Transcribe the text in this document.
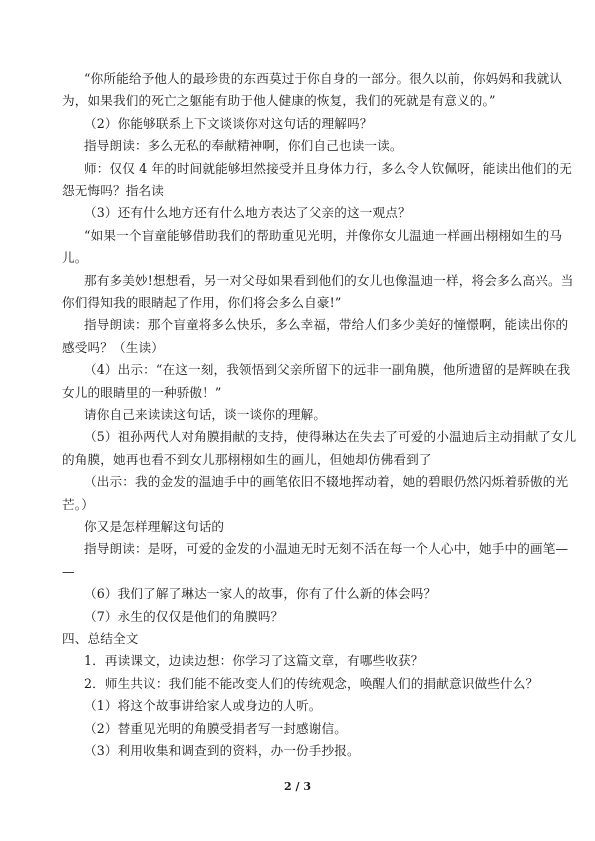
“你所能给予他人的最珍贵的东西莫过于你自身的一部分。很久以前，你妈妈和我就认
为，如果我们的死亡之躯能有助于他人健康的恢复，我们的死就是有意义的。”
（2）你能够联系上下文谈谈你对这句话的理解吗？
指导朗读：多么无私的奉献精神啊，你们自己也读一读。
师：仅仅 4 年的时间就能够坦然接受并且身体力行，多么令人钦佩呀，能读出他们的无
怨无悔吗？指名读
（3）还有什么地方还有什么地方表达了父亲的这一观点？
“如果一个盲童能够借助我们的帮助重见光明，并像你女儿温迪一样画出栩栩如生的马
儿。
那有多美妙!想想看，另一对父母如果看到他们的女儿也像温迪一样，将会多么高兴。当
你们得知我的眼睛起了作用，你们将会多么自豪!”
指导朗读：那个盲童将多么快乐，多么幸福，带给人们多少美好的憧憬啊，能读出你的
感受吗？（生读）
（4）出示：“在这一刻，我领悟到父亲所留下的远非一副角膜，他所遗留的是辉映在我
女儿的眼睛里的一种骄傲！”
请你自己来读读这句话，谈一谈你的理解。
（5）祖孙两代人对角膜捐献的支持，使得琳达在失去了可爱的小温迪后主动捐献了女儿
的角膜，她再也看不到女儿那栩栩如生的画儿，但她却仿佛看到了
（出示：我的金发的温迪手中的画笔依旧不辍地挥动着，她的碧眼仍然闪烁着骄傲的光
芒。）
你又是怎样理解这句话的
指导朗读：是呀，可爱的金发的小温迪无时无刻不活在每一个人心中，她手中的画笔—
—
（6）我们了解了琳达一家人的故事，你有了什么新的体会吗？
（7）永生的仅仅是他们的角膜吗？
四、总结全文
1．再读课文，边读边想：你学习了这篇文章，有哪些收获？
2．师生共议：我们能不能改变人们的传统观念，唤醒人们的捐献意识做些什么？
（1）将这个故事讲给家人或身边的人听。
（2）替重见光明的角膜受捐者写一封感谢信。
（3）利用收集和调查到的资料，办一份手抄报。
2 / 3
